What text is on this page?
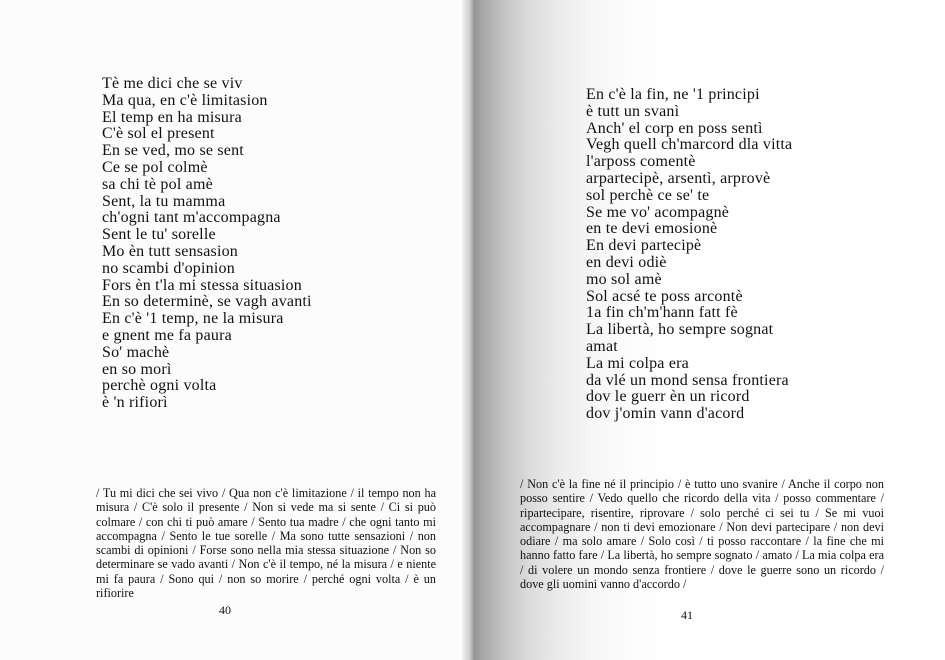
Tè me dici che se viv
Ma qua, en c'è limitasion
El temp en ha misura
C'è sol el present
En se ved, mo se sent
Ce se pol colmè
sa chi tè pol amè
Sent, la tu mamma
ch'ogni tant m'accompagna
Sent le tu' sorelle
Mo èn tutt sensasion
no scambi d'opinion
Fors èn t'la mi stessa situasion
En so determinè, se vagh avanti
En c'è '1 temp, ne la misura
e gnent me fa paura
So' machè
en so morì
perchè ogni volta
è 'n rifiorì

/ Tu mi dici che sei vivo / Qua non c'è limitazione / il tempo non ha misura / C'è solo il presente / Non si vede ma si sente / Ci si può colmare / con chi ti può amare / Sento tua madre / che ogni tanto mi accompagna / Sento le tue sorelle / Ma sono tutte sensazioni / non scambi di opinioni / Forse sono nella mia stessa situazione / Non so determinare se vado avanti / Non c'è il tempo, né la misura / e niente mi fa paura / Sono qui / non so morire / perché ogni volta / è un rifiorire

40
En c'è la fin, ne '1 principi
è tutt un svanì
Anch' el corp en poss sentì
Vegh quell ch'marcord dla vitta
l'arposs comentè
arpartecipè, arsentì, arprovè
sol perchè ce se' te
Se me vo' acompagnè
en te devi emosionè
En devi partecipè
en devi odiè
mo sol amè
Sol acsé te poss arcontè
1a fin ch'm'hann fatt fè
La libertà, ho sempre sognat
amat
La mi colpa era
da vlé un mond sensa frontiera
dov le guerr èn un ricord
dov j'omin vann d'acord

/ Non c'è la fine né il principio / è tutto uno svanire / Anche il corpo non posso sentire / Vedo quello che ricordo della vita / posso commentare / ripartecipare, risentire, riprovare / solo perché ci sei tu / Se mi vuoi accompagnare / non ti devi emozionare / Non devi partecipare / non devi odiare / ma solo amare / Solo così / ti posso raccontare / la fine che mi hanno fatto fare / La libertà, ho sempre sognato / amato / La mia colpa era / di volere un mondo senza frontiere / dove le guerre sono un ricordo / dove gli uomini vanno d'accordo /

41
